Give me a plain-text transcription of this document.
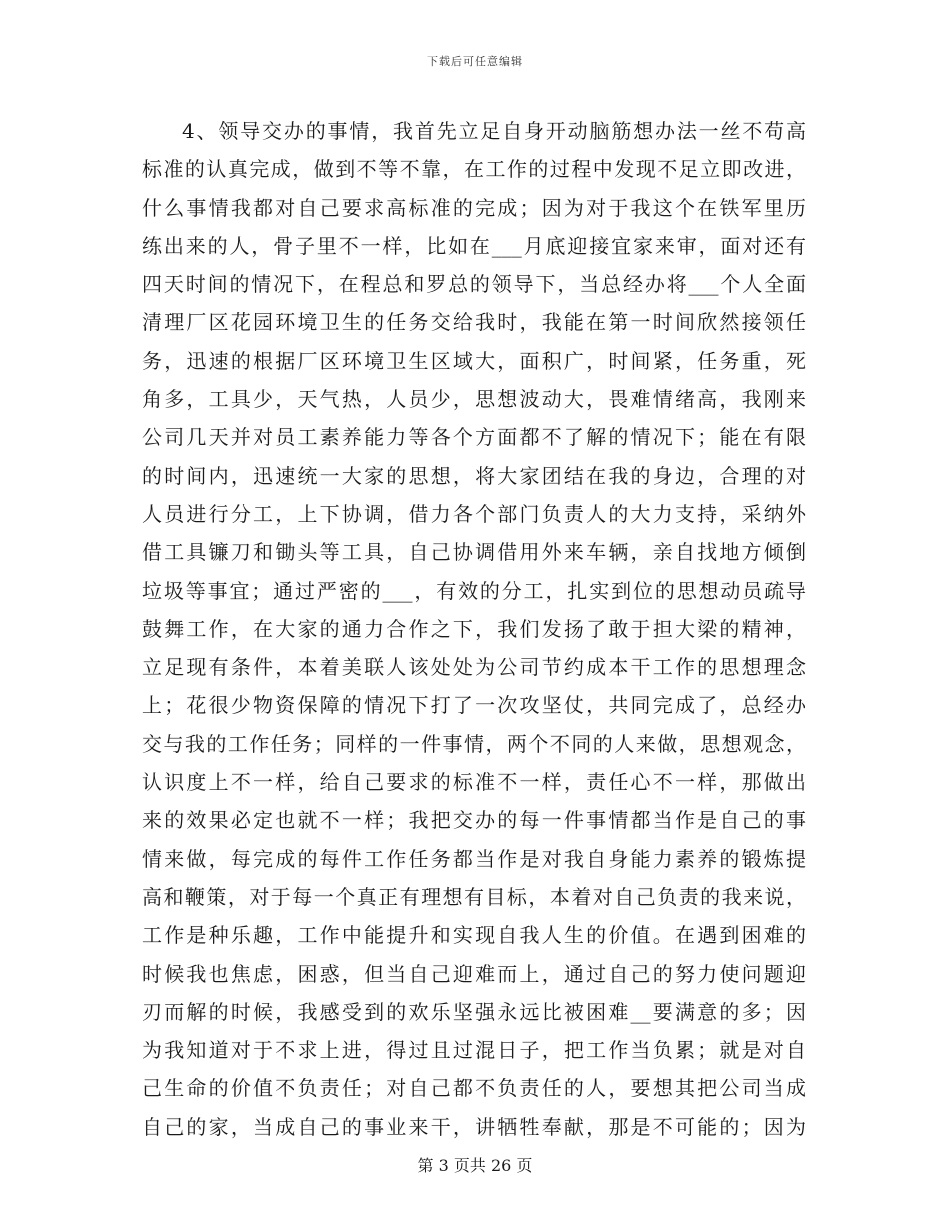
下载后可任意编辑
4、领导交办的事情，我首先立足自身开动脑筋想办法一丝不苟高
标准的认真完成，做到不等不靠，在工作的过程中发现不足立即改进，
什么事情我都对自己要求高标准的完成；因为对于我这个在铁军里历
练出来的人，骨子里不一样，比如在___月底迎接宜家来审，面对还有
四天时间的情况下，在程总和罗总的领导下，当总经办将___个人全面
清理厂区花园环境卫生的任务交给我时，我能在第一时间欣然接领任
务，迅速的根据厂区环境卫生区域大，面积广，时间紧，任务重，死
角多，工具少，天气热，人员少，思想波动大，畏难情绪高，我刚来
公司几天并对员工素养能力等各个方面都不了解的情况下；能在有限
的时间内，迅速统一大家的思想，将大家团结在我的身边，合理的对
人员进行分工，上下协调，借力各个部门负责人的大力支持，采纳外
借工具镰刀和锄头等工具，自己协调借用外来车辆，亲自找地方倾倒
垃圾等事宜；通过严密的___，有效的分工，扎实到位的思想动员疏导
鼓舞工作，在大家的通力合作之下，我们发扬了敢于担大梁的精神，
立足现有条件，本着美联人该处处为公司节约成本干工作的思想理念
上；花很少物资保障的情况下打了一次攻坚仗，共同完成了，总经办
交与我的工作任务；同样的一件事情，两个不同的人来做，思想观念，
认识度上不一样，给自己要求的标准不一样，责任心不一样，那做出
来的效果必定也就不一样；我把交办的每一件事情都当作是自己的事
情来做，每完成的每件工作任务都当作是对我自身能力素养的锻炼提
高和鞭策，对于每一个真正有理想有目标，本着对自己负责的我来说，
工作是种乐趣，工作中能提升和实现自我人生的价值。在遇到困难的
时候我也焦虑，困惑，但当自己迎难而上，通过自己的努力使问题迎
刃而解的时候，我感受到的欢乐坚强永远比被困难__要满意的多；因
为我知道对于不求上进，得过且过混日子，把工作当负累；就是对自
己生命的价值不负责任；对自己都不负责任的人，要想其把公司当成
自己的家，当成自己的事业来干，讲牺牲奉献，那是不可能的；因为
第 3 页共 26 页
